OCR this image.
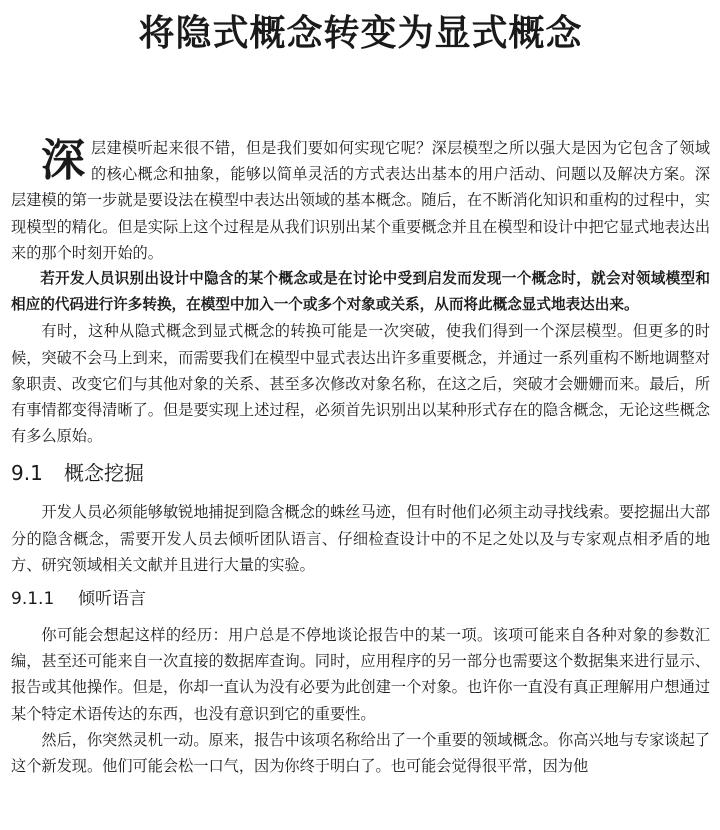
将隐式概念转变为显式概念

深层建模听起来很不错，但是我们要如何实现它呢？深层模型之所以强大是因为它包含了领域的核心概念和抽象，能够以简单灵活的方式表达出基本的用户活动、问题以及解决方案。深层建模的第一步就是要设法在模型中表达出领域的基本概念。随后，在不断消化知识和重构的过程中，实现模型的精化。但是实际上这个过程是从我们识别出某个重要概念并且在模型和设计中把它显式地表达出来的那个时刻开始的。

若开发人员识别出设计中隐含的某个概念或是在讨论中受到启发而发现一个概念时，就会对领域模型和相应的代码进行许多转换，在模型中加入一个或多个对象或关系，从而将此概念显式地表达出来。

有时，这种从隐式概念到显式概念的转换可能是一次突破，使我们得到一个深层模型。但更多的时候，突破不会马上到来，而需要我们在模型中显式表达出许多重要概念，并通过一系列重构不断地调整对象职责、改变它们与其他对象的关系、甚至多次修改对象名称，在这之后，突破才会姗姗而来。最后，所有事情都变得清晰了。但是要实现上述过程，必须首先识别出以某种形式存在的隐含概念，无论这些概念有多么原始。

9.1	概念挖掘

开发人员必须能够敏锐地捕捉到隐含概念的蛛丝马迹，但有时他们必须主动寻找线索。要挖掘出大部分的隐含概念，需要开发人员去倾听团队语言、仔细检查设计中的不足之处以及与专家观点相矛盾的地方、研究领域相关文献并且进行大量的实验。

9.1.1	倾听语言

你可能会想起这样的经历：用户总是不停地谈论报告中的某一项。该项可能来自各种对象的参数汇编，甚至还可能来自一次直接的数据库查询。同时，应用程序的另一部分也需要这个数据集来进行显示、报告或其他操作。但是，你却一直认为没有必要为此创建一个对象。也许你一直没有真正理解用户想通过某个特定术语传达的东西，也没有意识到它的重要性。

然后，你突然灵机一动。原来，报告中该项名称给出了一个重要的领域概念。你高兴地与专家谈起了这个新发现。他们可能会松一口气，因为你终于明白了。也可能会觉得很平常，因为他
